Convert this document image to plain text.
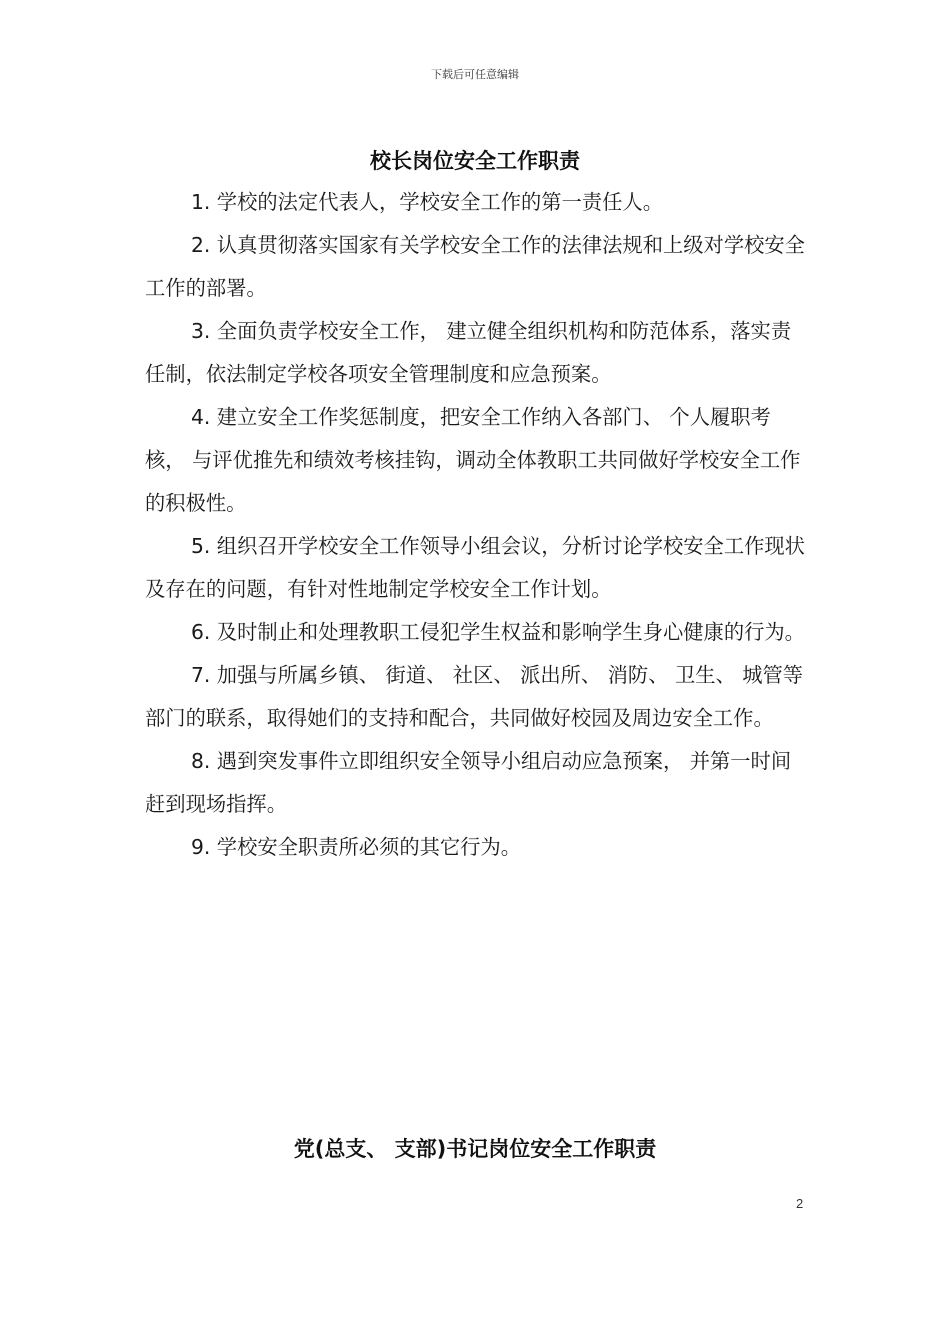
下载后可任意编辑
校长岗位安全工作职责

1. 学校的法定代表人，学校安全工作的第一责任人。

2. 认真贯彻落实国家有关学校安全工作的法律法规和上级对学校安全工作的部署。

3. 全面负责学校安全工作， 建立健全组织机构和防范体系，落实责任制，依法制定学校各项安全管理制度和应急预案。

4. 建立安全工作奖惩制度，把安全工作纳入各部门、 个人履职考核， 与评优推先和绩效考核挂钩，调动全体教职工共同做好学校安全工作的积极性。

5. 组织召开学校安全工作领导小组会议，分析讨论学校安全工作现状及存在的问题，有针对性地制定学校安全工作计划。

6. 及时制止和处理教职工侵犯学生权益和影响学生身心健康的行为。

7. 加强与所属乡镇、 街道、 社区、 派出所、 消防、 卫生、 城管等部门的联系，取得她们的支持和配合，共同做好校园及周边安全工作。

8. 遇到突发事件立即组织安全领导小组启动应急预案， 并第一时间赶到现场指挥。

9. 学校安全职责所必须的其它行为。

党(总支、 支部)书记岗位安全工作职责
2
